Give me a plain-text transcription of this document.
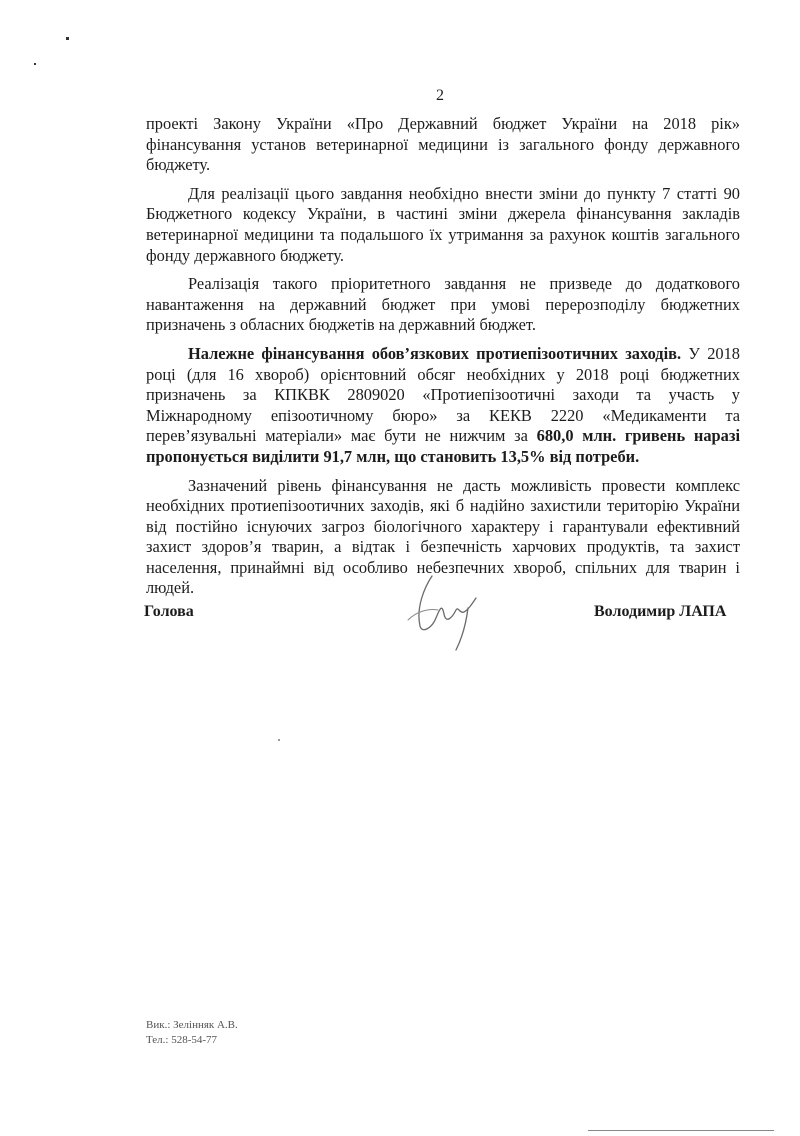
2

проекті Закону України «Про Державний бюджет України на 2018 рік» фінансування установ ветеринарної медицини із загального фонду державного бюджету.

Для реалізації цього завдання необхідно внести зміни до пункту 7 статті 90 Бюджетного кодексу України, в частині зміни джерела фінансування закладів ветеринарної медицини та подальшого їх утримання за рахунок коштів загального фонду державного бюджету.

Реалізація такого пріоритетного завдання не призведе до додаткового навантаження на державний бюджет при умові перерозподілу бюджетних призначень з обласних бюджетів на державний бюджет.

Належне фінансування обов’язкових протиепізоотичних заходів. У 2018 році (для 16 хвороб) орієнтовний обсяг необхідних у 2018 році бюджетних призначень за КПКВК 2809020 «Протиепізоотичні заходи та участь у Міжнародному епізоотичному бюро» за КЕКВ 2220 «Медикаменти та перев’язувальні матеріали» має бути не нижчим за 680,0 млн. гривень наразі пропонується виділити 91,7 млн, що становить 13,5% від потреби.

Зазначений рівень фінансування не дасть можливість провести комплекс необхідних протиепізоотичних заходів, які б надійно захистили територію України від постійно існуючих загроз біологічного характеру і гарантували ефективний захист здоров’я тварин, а відтак і безпечність харчових продуктів, та захист населення, принаймні від особливо небезпечних хвороб, спільних для тварин і людей.

Голова	Володимир ЛАПА
Вик.: Зелінняк А.В.
Тел.: 528-54-77
